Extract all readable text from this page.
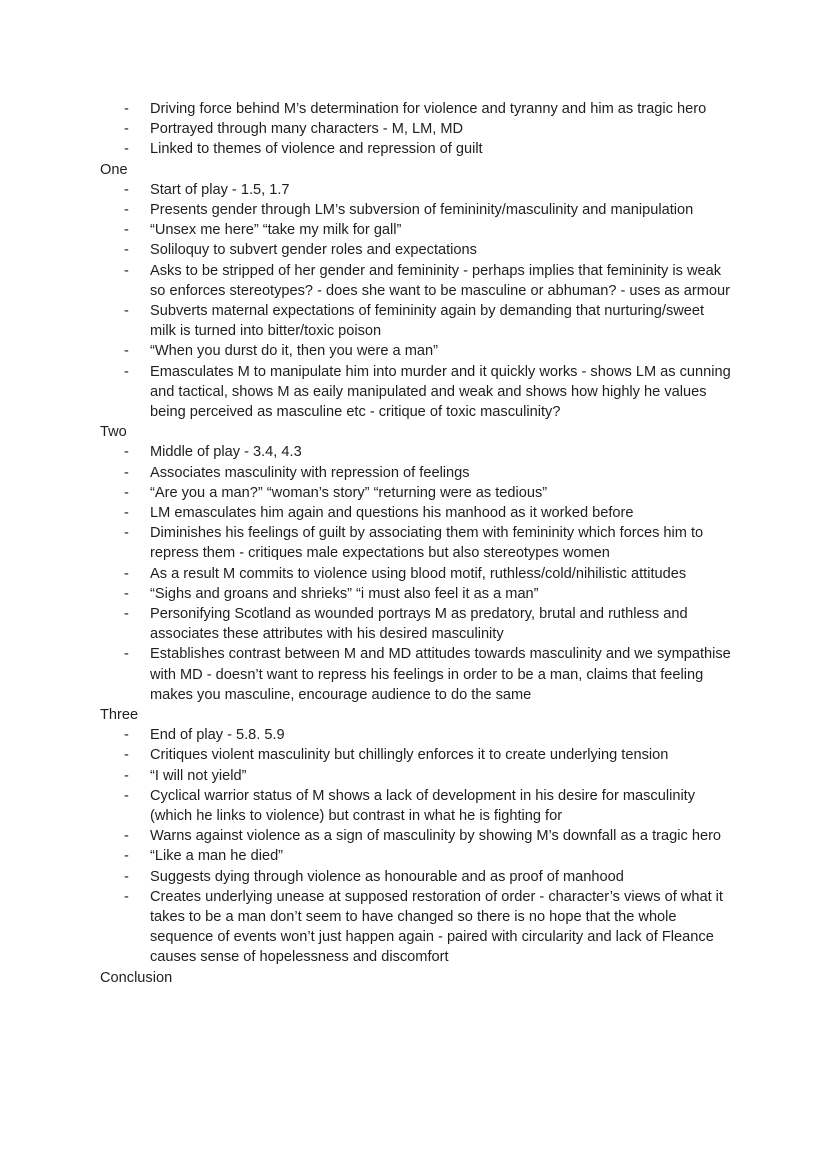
- Driving force behind M’s determination for violence and tyranny and him as tragic hero
- Portrayed through many characters - M, LM, MD
- Linked to themes of violence and repression of guilt
One
- Start of play - 1.5, 1.7
- Presents gender through LM’s subversion of femininity/masculinity and manipulation
- “Unsex me here” “take my milk for gall”
- Soliloquy to subvert gender roles and expectations
- Asks to be stripped of her gender and femininity - perhaps implies that femininity is weak so enforces stereotypes? - does she want to be masculine or abhuman? - uses as armour
- Subverts maternal expectations of femininity again by demanding that nurturing/sweet milk is turned into bitter/toxic poison
- “When you durst do it, then you were a man”
- Emasculates M to manipulate him into murder and it quickly works - shows LM as cunning and tactical, shows M as eaily manipulated and weak and shows how highly he values being perceived as masculine etc - critique of toxic masculinity?
Two
- Middle of play - 3.4, 4.3
- Associates masculinity with repression of feelings
- “Are you a man?” “woman’s story” “returning were as tedious”
- LM emasculates him again and questions his manhood as it worked before
- Diminishes his feelings of guilt by associating them with femininity which forces him to repress them - critiques male expectations but also stereotypes women
- As a result M commits to violence using blood motif, ruthless/cold/nihilistic attitudes
- “Sighs and groans and shrieks” “i must also feel it as a man”
- Personifying Scotland as wounded portrays M as predatory, brutal and ruthless and associates these attributes with his desired masculinity
- Establishes contrast between M and MD attitudes towards masculinity and we sympathise with MD - doesn’t want to repress his feelings in order to be a man, claims that feeling makes you masculine, encourage audience to do the same
Three
- End of play - 5.8. 5.9
- Critiques violent masculinity but chillingly enforces it to create underlying tension
- “I will not yield”
- Cyclical warrior status of M shows a lack of development in his desire for masculinity (which he links to violence) but contrast in what he is fighting for
- Warns against violence as a sign of masculinity by showing M’s downfall as a tragic hero
- “Like a man he died”
- Suggests dying through violence as honourable and as proof of manhood
- Creates underlying unease at supposed restoration of order - character’s views of what it takes to be a man don’t seem to have changed so there is no hope that the whole sequence of events won’t just happen again - paired with circularity and lack of Fleance causes sense of hopelessness and discomfort
Conclusion
